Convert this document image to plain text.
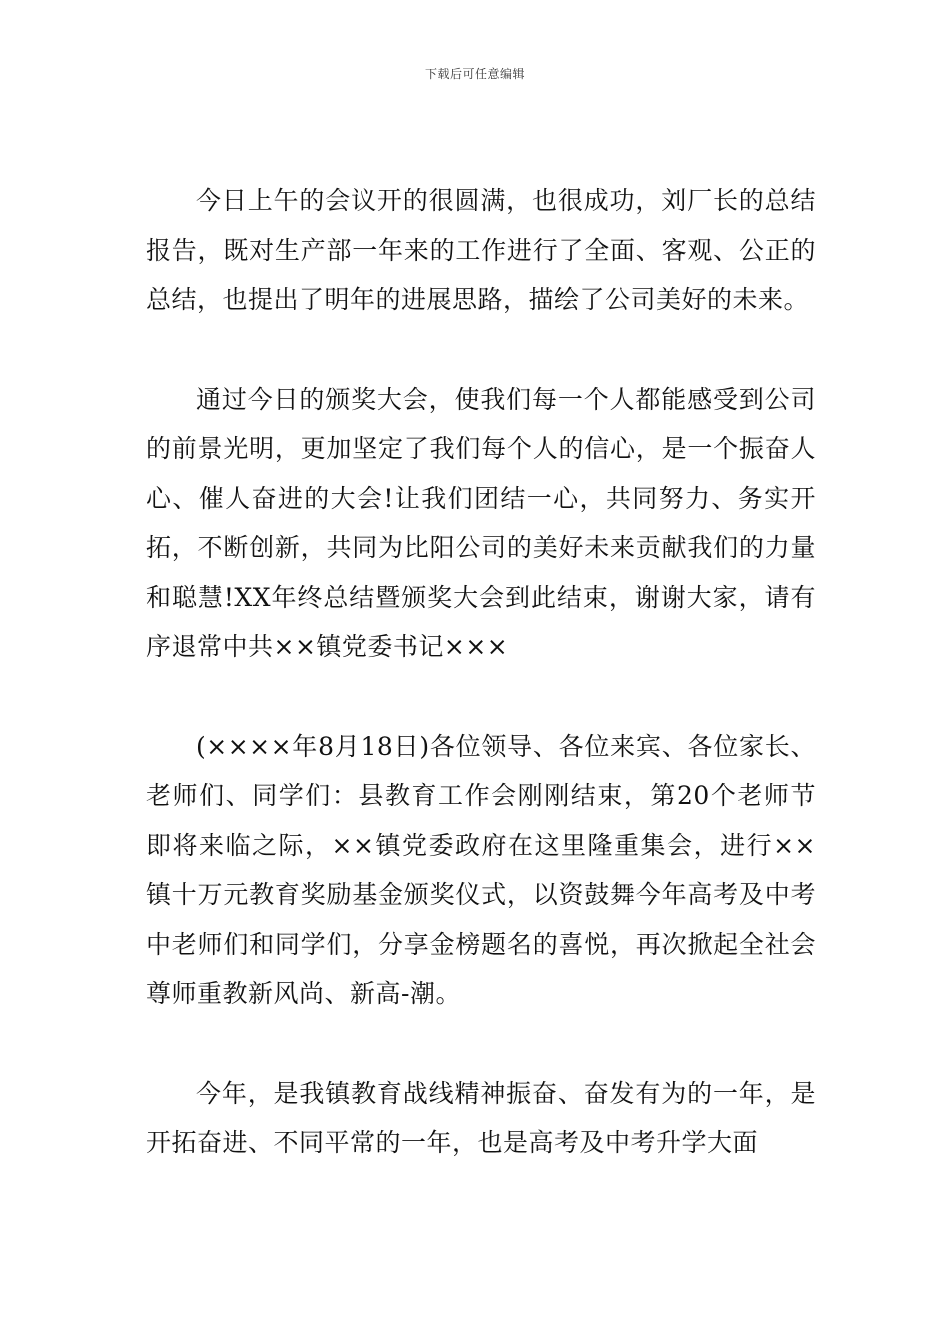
下载后可任意编辑

今日上午的会议开的很圆满，也很成功，刘厂长的总结报告，既对生产部一年来的工作进行了全面、客观、公正的总结，也提出了明年的进展思路，描绘了公司美好的未来。

通过今日的颁奖大会，使我们每一个人都能感受到公司的前景光明，更加坚定了我们每个人的信心，是一个振奋人心、催人奋进的大会!让我们团结一心，共同努力、务实开拓，不断创新，共同为比阳公司的美好未来贡献我们的力量和聪慧!XX年终总结暨颁奖大会到此结束，谢谢大家，请有序退常中共××镇党委书记×××

(××××年8月18日)各位领导、各位来宾、各位家长、老师们、同学们：县教育工作会刚刚结束，第20个老师节即将来临之际，××镇党委政府在这里隆重集会，进行××镇十万元教育奖励基金颁奖仪式，以资鼓舞今年高考及中考中老师们和同学们，分享金榜题名的喜悦，再次掀起全社会尊师重教新风尚、新高-潮。

今年，是我镇教育战线精神振奋、奋发有为的一年，是开拓奋进、不同平常的一年，也是高考及中考升学大面
